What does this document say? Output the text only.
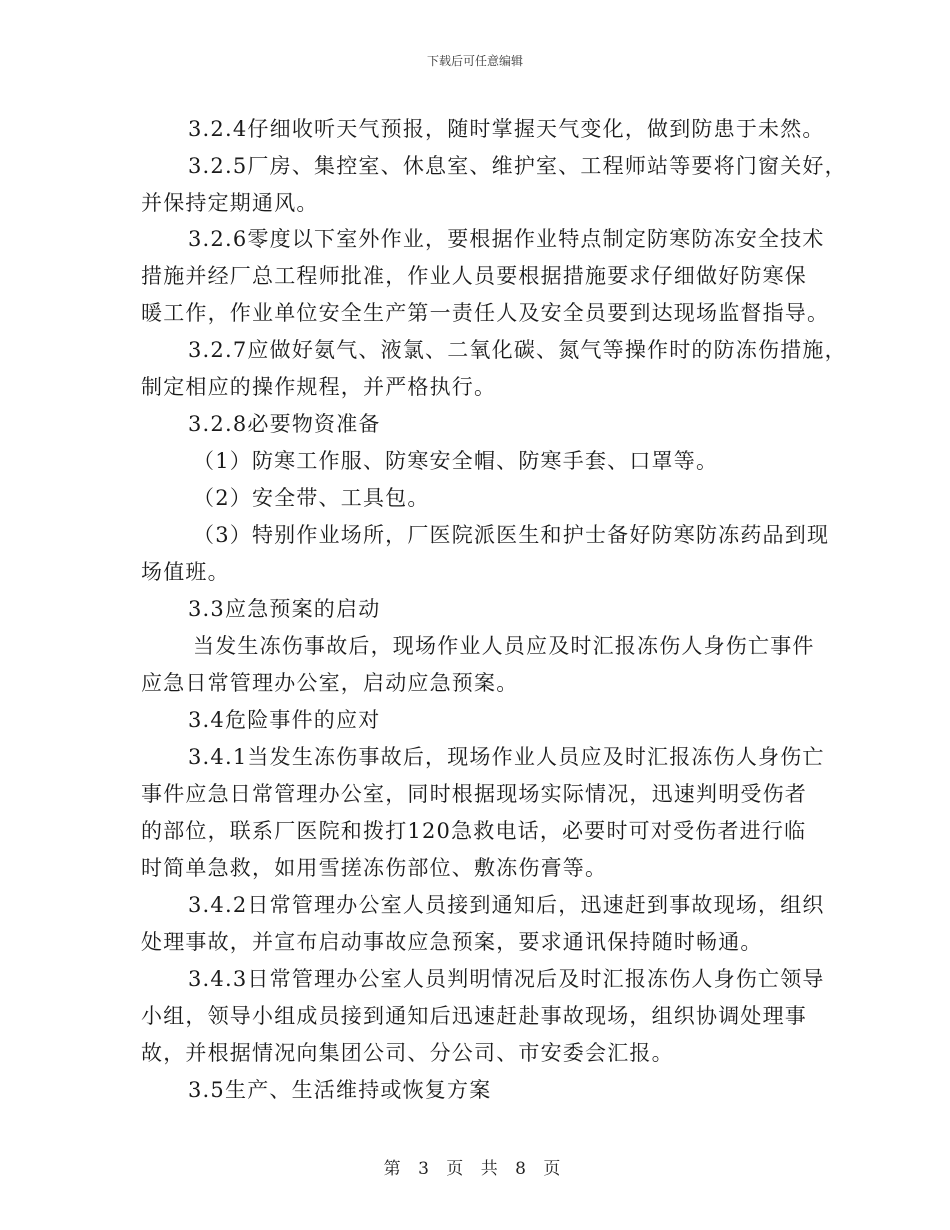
下载后可任意编辑
3.2.4仔细收听天气预报，随时掌握天气变化，做到防患于未然。
3.2.5厂房、集控室、休息室、维护室、工程师站等要将门窗关好，
并保持定期通风。
3.2.6零度以下室外作业，要根据作业特点制定防寒防冻安全技术
措施并经厂总工程师批准，作业人员要根据措施要求仔细做好防寒保
暖工作，作业单位安全生产第一责任人及安全员要到达现场监督指导。
3.2.7应做好氨气、液氯、二氧化碳、氮气等操作时的防冻伤措施，
制定相应的操作规程，并严格执行。
3.2.8必要物资准备
（1）防寒工作服、防寒安全帽、防寒手套、口罩等。
（2）安全带、工具包。
（3）特别作业场所，厂医院派医生和护士备好防寒防冻药品到现
场值班。
3.3应急预案的启动
当发生冻伤事故后，现场作业人员应及时汇报冻伤人身伤亡事件
应急日常管理办公室，启动应急预案。
3.4危险事件的应对
3.4.1当发生冻伤事故后，现场作业人员应及时汇报冻伤人身伤亡
事件应急日常管理办公室，同时根据现场实际情况，迅速判明受伤者
的部位，联系厂医院和拨打120急救电话，必要时可对受伤者进行临
时简单急救，如用雪搓冻伤部位、敷冻伤膏等。
3.4.2日常管理办公室人员接到通知后，迅速赶到事故现场，组织
处理事故，并宣布启动事故应急预案，要求通讯保持随时畅通。
3.4.3日常管理办公室人员判明情况后及时汇报冻伤人身伤亡领导
小组，领导小组成员接到通知后迅速赶赴事故现场，组织协调处理事
故，并根据情况向集团公司、分公司、市安委会汇报。
3.5生产、生活维持或恢复方案
第 3 页 共 8 页
